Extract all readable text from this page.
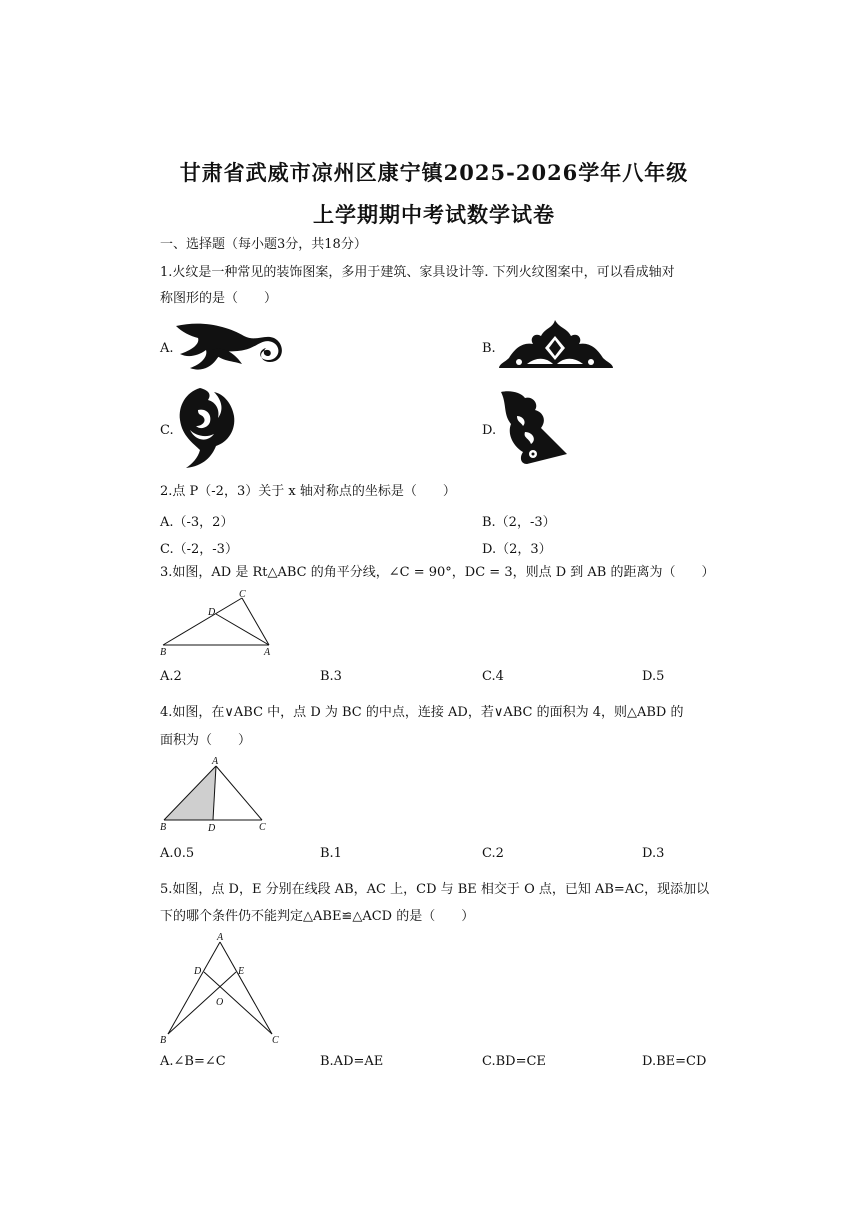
甘肃省武威市凉州区康宁镇2025-2026学年八年级
上学期期中考试数学试卷
一、选择题（每小题3分，共18分）
1.火纹是一种常见的装饰图案，多用于建筑、家具设计等. 下列火纹图案中，可以看成轴对
称图形的是（　　）
A.	B.
C.	D.
2.点 P（-2，3）关于 x 轴对称点的坐标是（　　）
A.（-3，2）	B.（2，-3）
C.（-2，-3）	D.（2，3）
3.如图，AD 是 Rt△ABC 的角平分线，∠C = 90°，DC = 3，则点 D 到 AB 的距离为（　　）
C
D
B	A
A.2	B.3	C.4	D.5
4.如图，在∨ABC 中，点 D 为 BC 的中点，连接 AD，若∨ABC 的面积为 4，则△ABD 的
面积为（　　）
A
B	D	C
A.0.5	B.1	C.2	D.3
5.如图，点 D，E 分别在线段 AB，AC 上，CD 与 BE 相交于 O 点，已知 AB=AC，现添加以
下的哪个条件仍不能判定△ABE≌△ACD 的是（　　）
A
D	E
O
B	C
A.∠B=∠C	B.AD=AE	C.BD=CE	D.BE=CD
